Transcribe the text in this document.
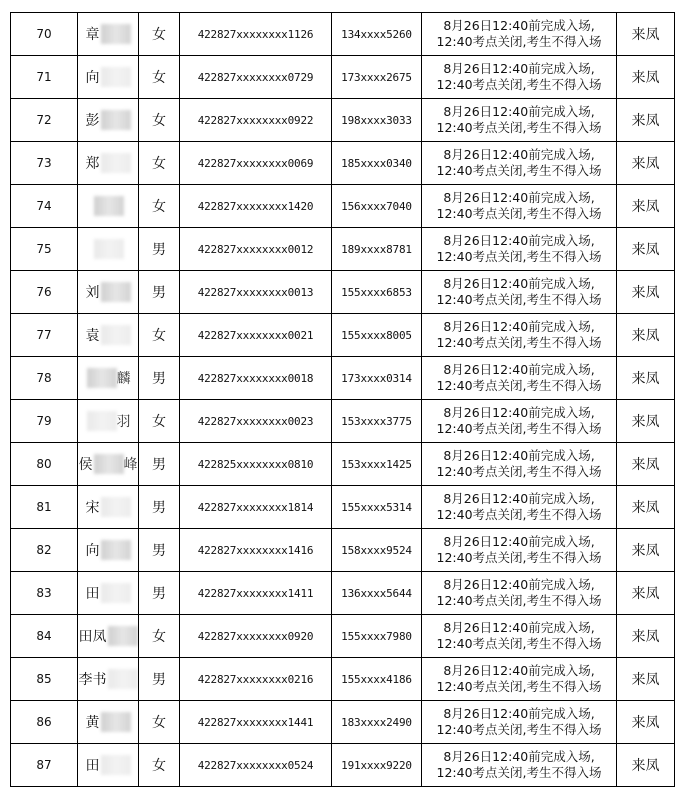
70	章	女	422827xxxxxxxx1126	134xxxx5260	8月26日12:40前完成入场,
12:40考点关闭,考生不得入场	来凤
71	向	女	422827xxxxxxxx0729	173xxxx2675	8月26日12:40前完成入场,
12:40考点关闭,考生不得入场	来凤
72	彭	女	422827xxxxxxxx0922	198xxxx3033	8月26日12:40前完成入场,
12:40考点关闭,考生不得入场	来凤
73	郑	女	422827xxxxxxxx0069	185xxxx0340	8月26日12:40前完成入场,
12:40考点关闭,考生不得入场	来凤
74		女	422827xxxxxxxx1420	156xxxx7040	8月26日12:40前完成入场,
12:40考点关闭,考生不得入场	来凤
75		男	422827xxxxxxxx0012	189xxxx8781	8月26日12:40前完成入场,
12:40考点关闭,考生不得入场	来凤
76	刘	男	422827xxxxxxxx0013	155xxxx6853	8月26日12:40前完成入场,
12:40考点关闭,考生不得入场	来凤
77	袁	女	422827xxxxxxxx0021	155xxxx8005	8月26日12:40前完成入场,
12:40考点关闭,考生不得入场	来凤
78	麟	男	422827xxxxxxxx0018	173xxxx0314	8月26日12:40前完成入场,
12:40考点关闭,考生不得入场	来凤
79	羽	女	422827xxxxxxxx0023	153xxxx3775	8月26日12:40前完成入场,
12:40考点关闭,考生不得入场	来凤
80	侯 峰	男	422825xxxxxxxx0810	153xxxx1425	8月26日12:40前完成入场,
12:40考点关闭,考生不得入场	来凤
81	宋	男	422827xxxxxxxx1814	155xxxx5314	8月26日12:40前完成入场,
12:40考点关闭,考生不得入场	来凤
82	向	男	422827xxxxxxxx1416	158xxxx9524	8月26日12:40前完成入场,
12:40考点关闭,考生不得入场	来凤
83	田	男	422827xxxxxxxx1411	136xxxx5644	8月26日12:40前完成入场,
12:40考点关闭,考生不得入场	来凤
84	田凤	女	422827xxxxxxxx0920	155xxxx7980	8月26日12:40前完成入场,
12:40考点关闭,考生不得入场	来凤
85	李书	男	422827xxxxxxxx0216	155xxxx4186	8月26日12:40前完成入场,
12:40考点关闭,考生不得入场	来凤
86	黄	女	422827xxxxxxxx1441	183xxxx2490	8月26日12:40前完成入场,
12:40考点关闭,考生不得入场	来凤
87	田	女	422827xxxxxxxx0524	191xxxx9220	8月26日12:40前完成入场,
12:40考点关闭,考生不得入场	来凤
